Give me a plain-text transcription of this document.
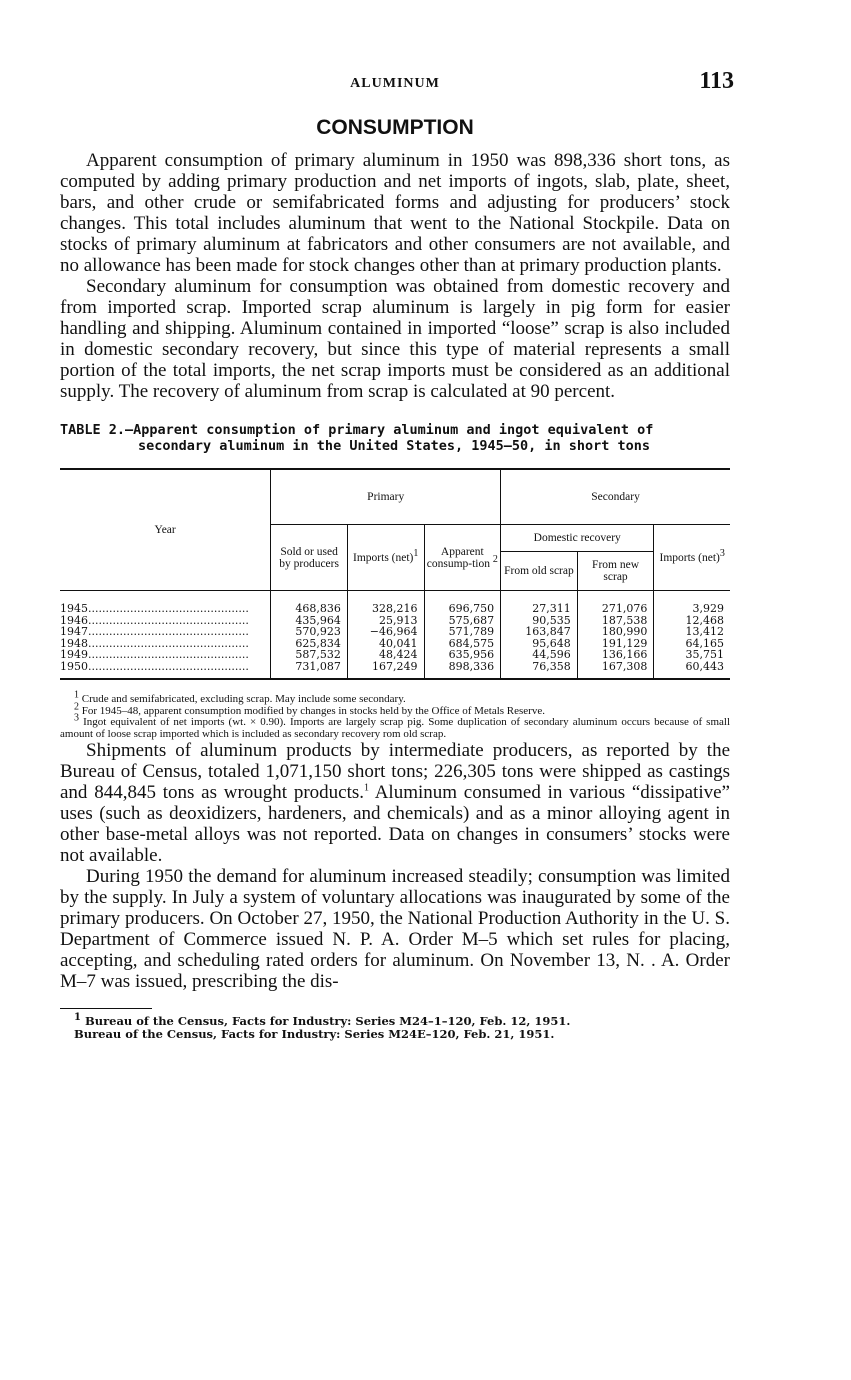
ALUMINUM	113
CONSUMPTION

Apparent consumption of primary aluminum in 1950 was 898,336 short tons, as computed by adding primary production and net imports of ingots, slab, plate, sheet, bars, and other crude or semifabricated forms and adjusting for producers’ stock changes. This total includes aluminum that went to the National Stockpile. Data on stocks of primary aluminum at fabricators and other consumers are not available, and no allowance has been made for stock changes other than at primary production plants.

Secondary aluminum for consumption was obtained from domestic recovery and from imported scrap. Imported scrap aluminum is largely in pig form for easier handling and shipping. Aluminum contained in imported “loose” scrap is also included in domestic secondary recovery, but since this type of material represents a small portion of the total imports, the net scrap imports must be considered as an additional supply. The recovery of aluminum from scrap is calculated at 90 percent.

TABLE 2.—Apparent consumption of primary aluminum and ingot equivalent of secondary aluminum in the United States, 1945–50, in short tons
Year	Primary			Secondary		
	Sold or used by producers	Imports (net)$^1$	Apparent consump-tion $^2$	Domestic recovery		Imports (net)$^3$
				From old scrap	From new scrap	
1945..............................................	468,836	328,216	696,750	27,311	271,076	3,929
1946..............................................	435,964	25,913	575,687	90,535	187,538	12,468
1947..............................................	570,923	−46,964	571,789	163,847	180,990	13,412
1948..............................................	625,834	40,041	684,575	95,648	191,129	64,165
1949..............................................	587,532	48,424	635,956	44,596	136,166	35,751
1950..............................................	731,087	167,249	898,336	76,358	167,308	60,443
$^1$ Crude and semifabricated, excluding scrap. May include some secondary.
$^2$ For 1945–48, apparent consumption modified by changes in stocks held by the Office of Metals Reserve.
$^3$ Ingot equivalent of net imports (wt. × 0.90). Imports are largely scrap pig. Some duplication of secondary aluminum occurs because of small amount of loose scrap imported which is included as secondary recovery rom old scrap.

Shipments of aluminum products by intermediate producers, as reported by the Bureau of Census, totaled 1,071,150 short tons; 226,305 tons were shipped as castings and 844,845 tons as wrought products.$^1$ Aluminum consumed in various “dissipative” uses (such as deoxidizers, hardeners, and chemicals) and as a minor alloying agent in other base-metal alloys was not reported. Data on changes in consumers’ stocks were not available.

During 1950 the demand for aluminum increased steadily; consumption was limited by the supply. In July a system of voluntary allocations was inaugurated by some of the primary producers. On October 27, 1950, the National Production Authority in the U. S. Department of Commerce issued N. P. A. Order M–5 which set rules for placing, accepting, and scheduling rated orders for aluminum. On November 13, N. . A. Order M–7 was issued, prescribing the dis-

$^1$ Bureau of the Census, Facts for Industry: Series M24–1–120, Feb. 12, 1951.
Bureau of the Census, Facts for Industry: Series M24E–120, Feb. 21, 1951.
